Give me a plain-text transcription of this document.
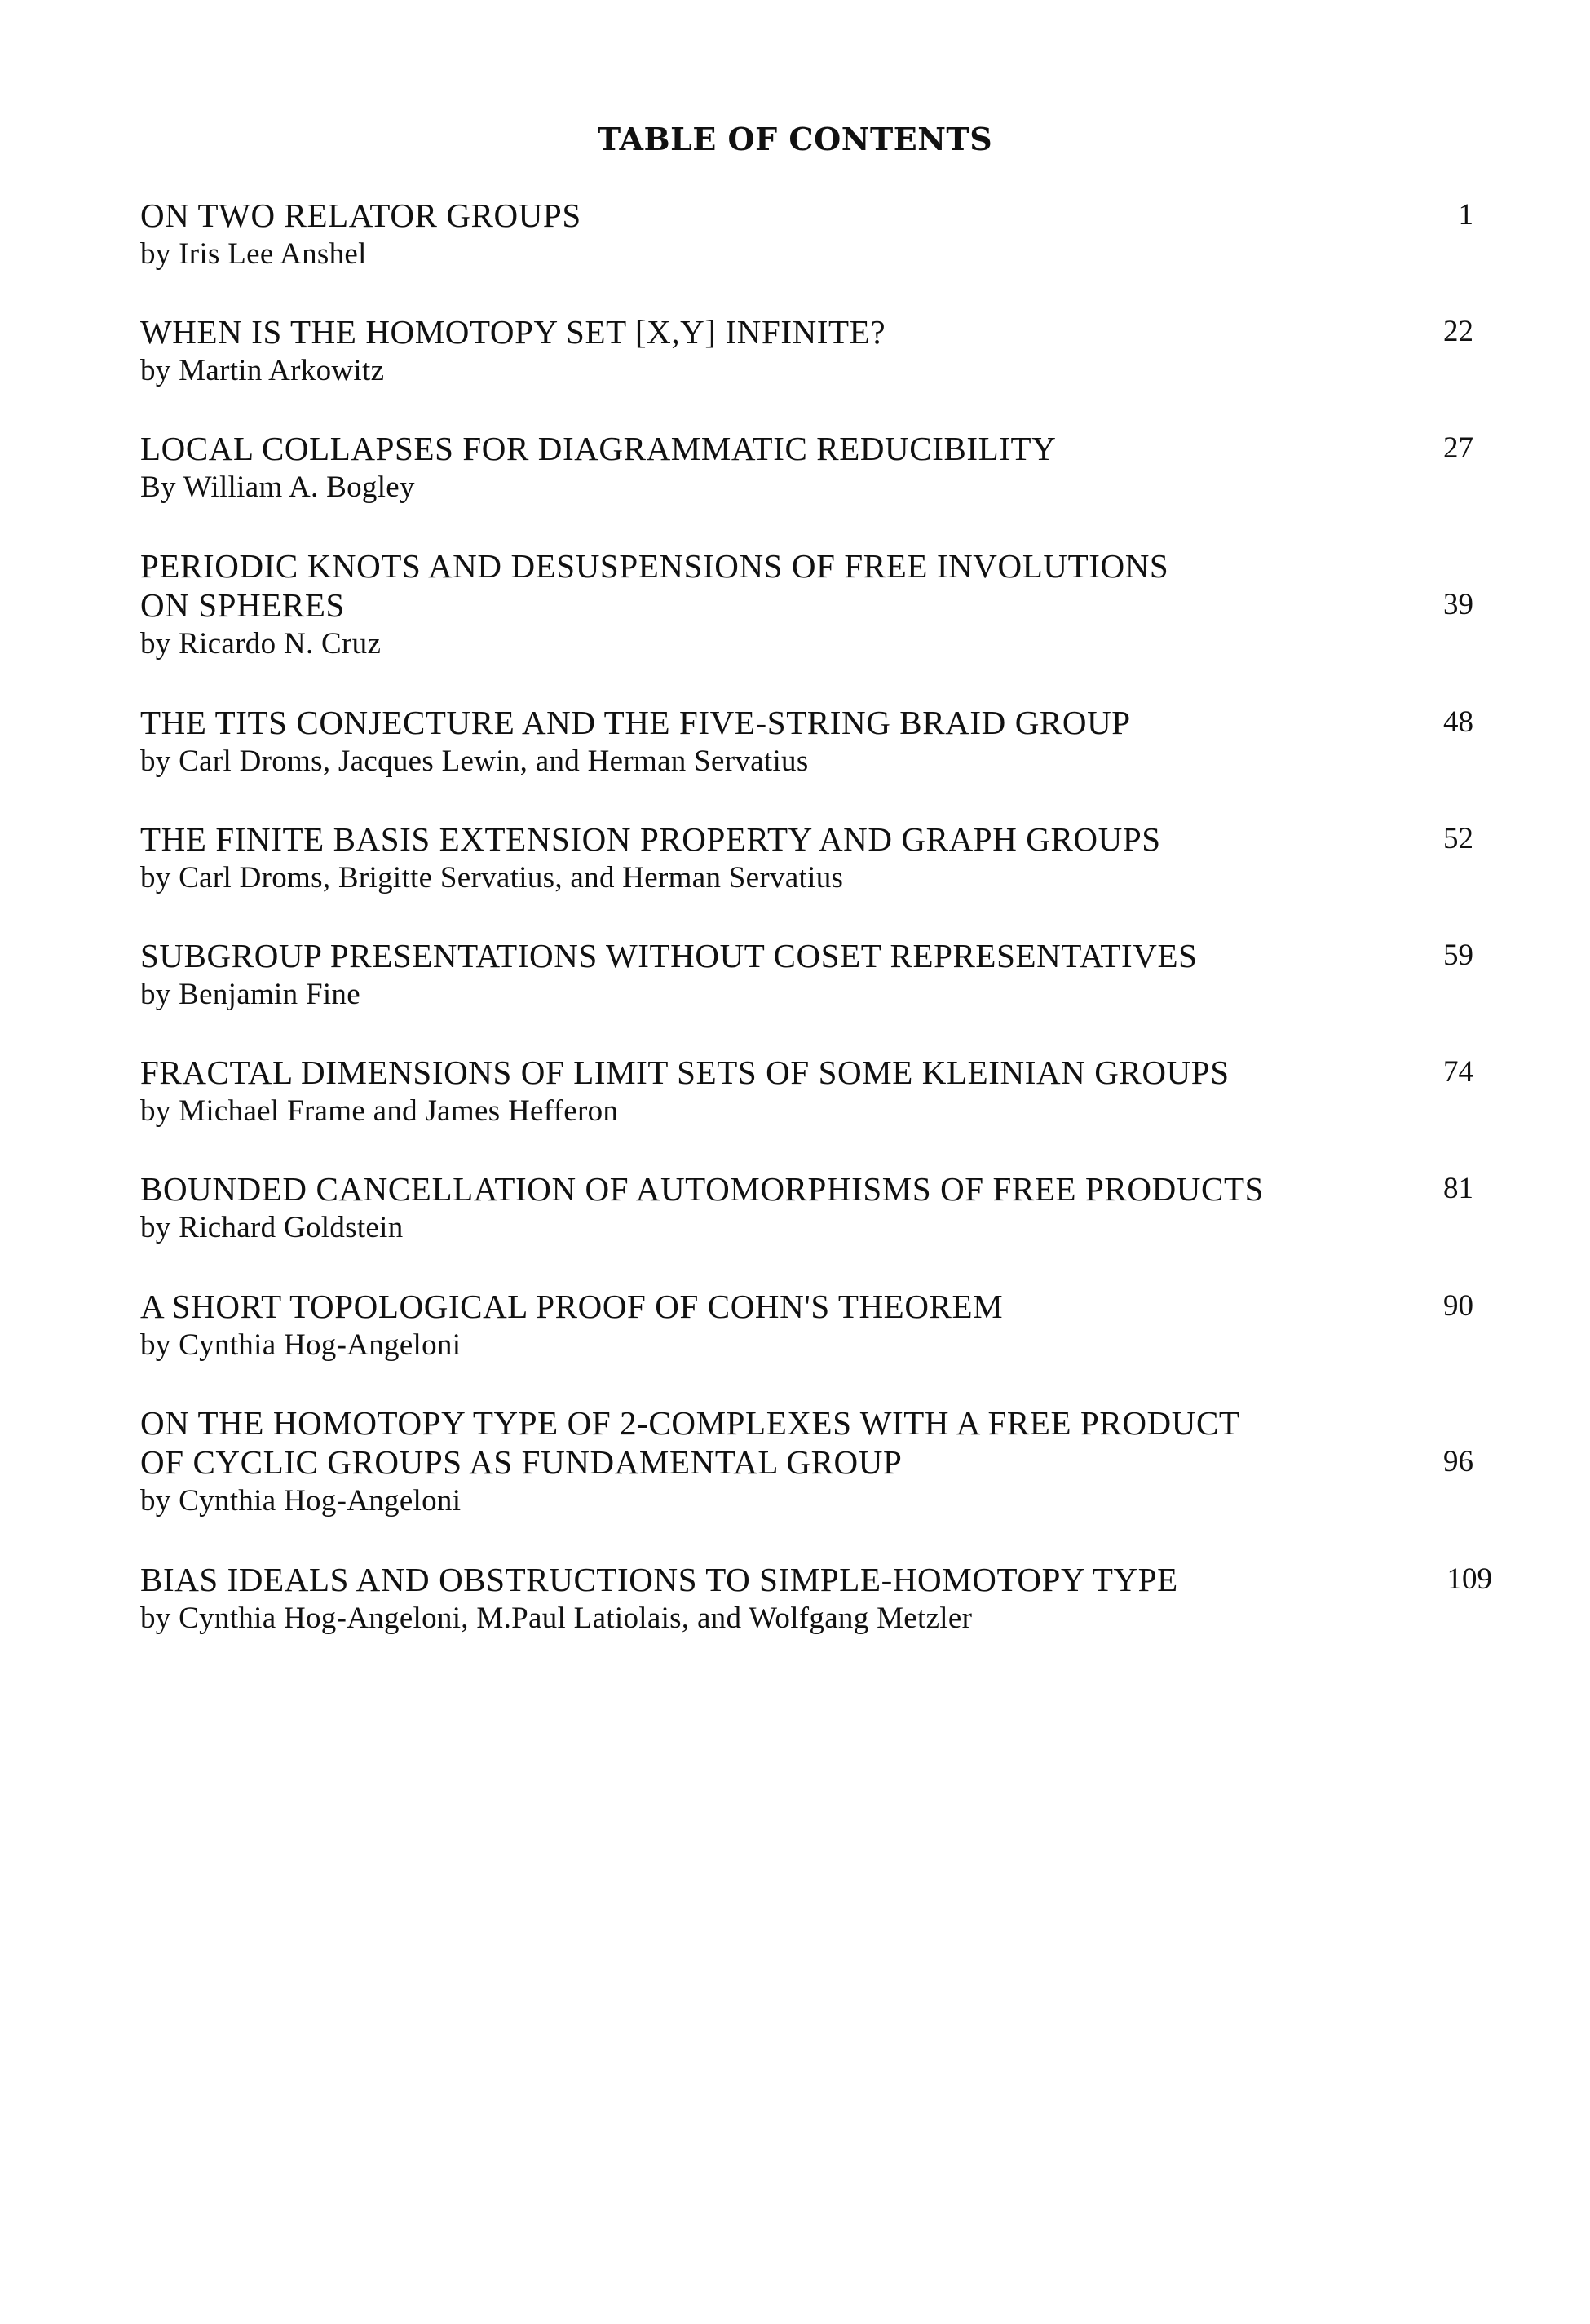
TABLE OF CONTENTS
ON TWO RELATOR GROUPS
by Iris Lee Anshel
1
WHEN IS THE HOMOTOPY SET [X,Y] INFINITE?
by Martin Arkowitz
22
LOCAL COLLAPSES FOR DIAGRAMMATIC REDUCIBILITY
By William A. Bogley
27
PERIODIC KNOTS AND DESUSPENSIONS OF FREE INVOLUTIONS
ON SPHERES
by Ricardo N. Cruz
39
THE TITS CONJECTURE AND THE FIVE-STRING BRAID GROUP
by Carl Droms, Jacques Lewin, and Herman Servatius
48
THE FINITE BASIS EXTENSION PROPERTY AND GRAPH GROUPS
by Carl Droms, Brigitte Servatius, and Herman Servatius
52
SUBGROUP PRESENTATIONS WITHOUT COSET REPRESENTATIVES
by Benjamin Fine
59
FRACTAL DIMENSIONS OF LIMIT SETS OF SOME KLEINIAN GROUPS
by Michael Frame and James Hefferon
74
BOUNDED CANCELLATION OF AUTOMORPHISMS OF FREE PRODUCTS
by Richard Goldstein
81
A SHORT TOPOLOGICAL PROOF OF COHN'S THEOREM
by Cynthia Hog-Angeloni
90
ON THE HOMOTOPY TYPE OF 2-COMPLEXES WITH A FREE PRODUCT
OF CYCLIC GROUPS AS FUNDAMENTAL GROUP
by Cynthia Hog-Angeloni
96
BIAS IDEALS AND OBSTRUCTIONS TO SIMPLE-HOMOTOPY TYPE
by Cynthia Hog-Angeloni, M.Paul Latiolais, and Wolfgang Metzler
109
